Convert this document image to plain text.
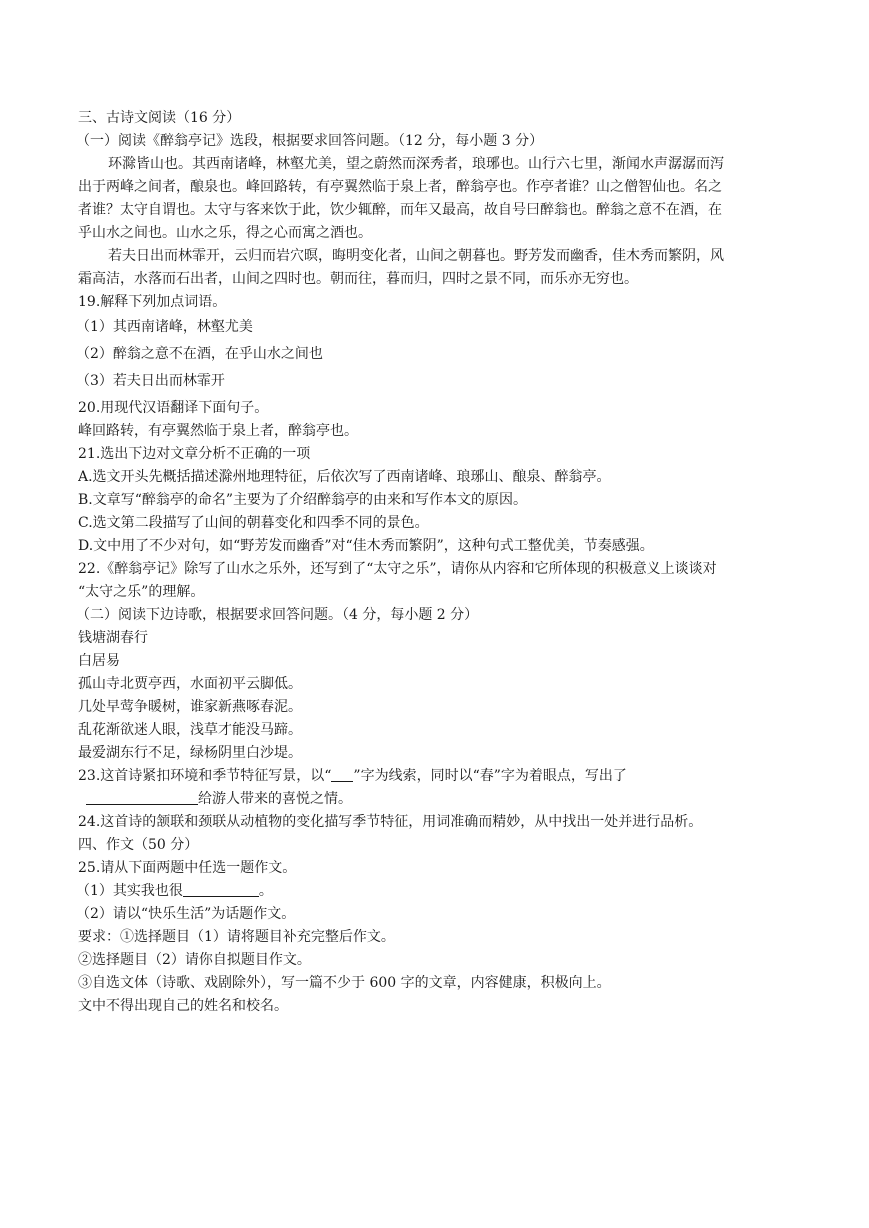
三、古诗文阅读（16 分）
（一）阅读《醉翁亭记》选段，根据要求回答问题。（12 分，每小题 3 分）
环滁皆山也。其西南诸峰，林壑尤美，望之蔚然而深秀者，琅琊也。山行六七里，渐闻水声潺潺而泻
出于两峰之间者，酿泉也。峰回路转，有亭翼然临于泉上者，醉翁亭也。作亭者谁？山之僧智仙也。名之
者谁？太守自谓也。太守与客来饮于此，饮少辄醉，而年又最高，故自号曰醉翁也。醉翁之意不在酒，在
乎山水之间也。山水之乐，得之心而寓之酒也。
若夫日出而林霏开，云归而岩穴暝，晦明变化者，山间之朝暮也。野芳发而幽香，佳木秀而繁阴，风
霜高洁，水落而石出者，山间之四时也。朝而往，暮而归，四时之景不同，而乐亦无穷也。
19.解释下列加点词语。
（1）其西
南诸峰，林壑尤美
（2）醉翁之意
不在酒，在乎山水之间也
（3）若夫日出而林霏开
20.用现代汉语翻译下面句子。
峰回路转，有亭翼然临于泉上者，醉翁亭也。
21.选出下边对文章分析不正确的一项
A.选文开头先概括描述滁州地理特征，后依次写了西南诸峰、琅琊山、酿泉、醉翁亭。
B.文章写“醉翁亭的命名”主要为了介绍醉翁亭的由来和写作本文的原因。
C.选文第二段描写了山间的朝暮变化和四季不同的景色。
D.文中用了不少对句，如“野芳发而幽香”对“佳木秀而繁阴”，这种句式工整优美，节奏感强。
22.《醉翁亭记》除写了山水之乐外，还写到了“太守之乐”，请你从内容和它所体现的积极意义上谈谈对
“太守之乐”的理解。
（二）阅读下边诗歌，根据要求回答问题。（4 分，每小题 2 分）
钱塘湖春行
白居易
孤山寺北贾亭西，水面初平云脚低。
几处早莺争暖树，谁家新燕啄春泥。
乱花渐欲迷人眼，浅草才能没马蹄。
最爱湖东行不足，绿杨阴里白沙堤。
23.这首诗紧扣环境和季节特征写景，以“ ”字为线索，同时以“春”字为着眼点，写出了
给游人带来的喜悦之情。
24.这首诗的颔联和颈联从动植物的变化描写季节特征，用词准确而精妙，从中找出一处并进行品析。
四、作文（50 分）
25.请从下面两题中任选一题作文。
（1）其实我也很	。
（2）请以“快乐生活”为话题作文。
要求：①选择题目（1）请将题目补充完整后作文。
②选择题目（2）请你自拟题目作文。
③自选文体（诗歌、戏剧除外），写一篇不少于 600 字的文章，内容健康，积极向上。
文中不得出现自己的姓名和校名。
